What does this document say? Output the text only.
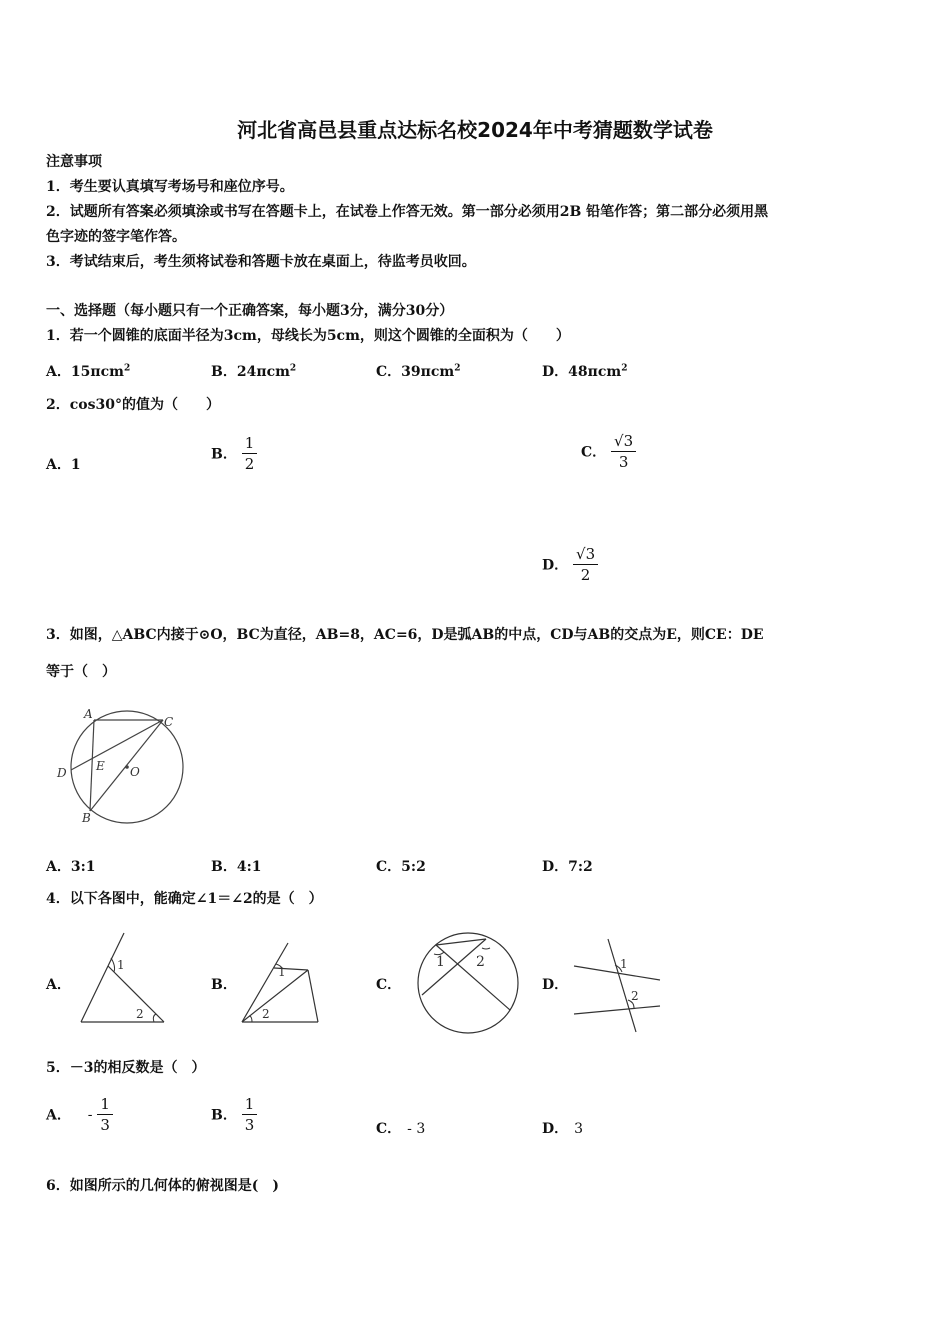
河北省高邑县重点达标名校2024年中考猜题数学试卷
注意事项
1．考生要认真填写考场号和座位序号。
2．试题所有答案必须填涂或书写在答题卡上，在试卷上作答无效。第一部分必须用2B 铅笔作答；第二部分必须用黑
色字迹的签字笔作答。
3．考试结束后，考生须将试卷和答题卡放在桌面上，待监考员收回。
一、选择题（每小题只有一个正确答案，每小题3分，满分30分）
1．若一个圆锥的底面半径为3cm，母线长为5cm，则这个圆锥的全面积为（　　）
A．15πcm$^2$	B．24πcm$^2$	C．39πcm$^2$	D．48πcm$^2$
2．cos30°的值为（　　）
A．1
B． $\frac{1}{2}$	C． $\frac{√3}{3}$
D． $\frac{√3}{2}$
3．如图，△ABC内接于⊙O，BC为直径，AB=8，AC=6，D是弧AB的中点，CD与AB的交点为E，则CE：DE
等于（　）
A
C
D E O
B
A．3:1	B．4:1	C．5:2	D．7:2
4．以下各图中，能确定∠1＝∠2的是（　）
A．
1
2
B．
1
2
C．
1 2
D．
1
2
5．－3的相反数是（　）
A． - $\frac{1}{3}$	B． $\frac{1}{3}$	C． - 3	D． 3
6．如图所示的几何体的俯视图是(　)
